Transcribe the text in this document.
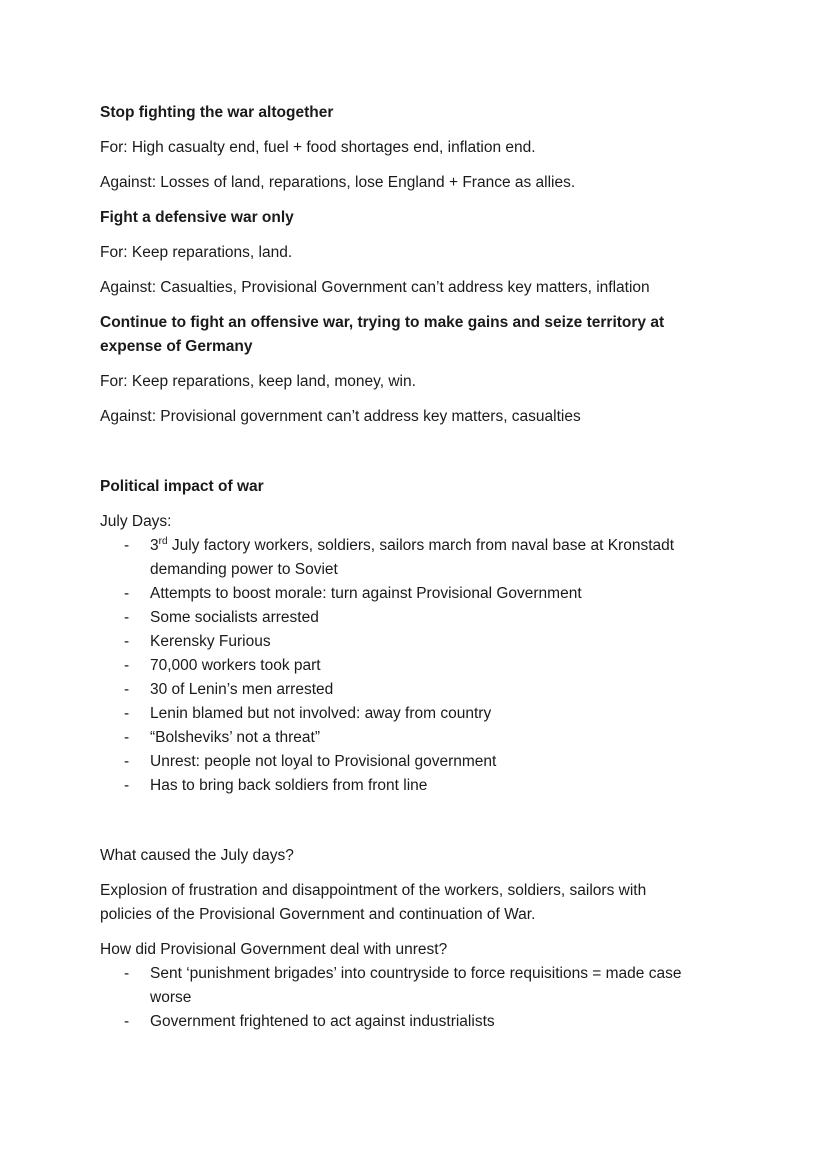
Stop fighting the war altogether

For: High casualty end, fuel + food shortages end, inflation end.

Against: Losses of land, reparations, lose England + France as allies.

Fight a defensive war only

For: Keep reparations, land.

Against: Casualties, Provisional Government can’t address key matters, inflation

Continue to fight an offensive war, trying to make gains and seize territory at
expense of Germany

For: Keep reparations, keep land, money, win.

Against: Provisional government can’t address key matters, casualties

Political impact of war

July Days:

- 3rd July factory workers, soldiers, sailors march from naval base at Kronstadt
demanding power to Soviet
- Attempts to boost morale: turn against Provisional Government
- Some socialists arrested
- Kerensky Furious
- 70,000 workers took part
- 30 of Lenin’s men arrested
- Lenin blamed but not involved: away from country
- “Bolsheviks’ not a threat”
- Unrest: people not loyal to Provisional government
- Has to bring back soldiers from front line

What caused the July days?

Explosion of frustration and disappointment of the workers, soldiers, sailors with
policies of the Provisional Government and continuation of War.

How did Provisional Government deal with unrest?

- Sent ‘punishment brigades’ into countryside to force requisitions = made case
worse
- Government frightened to act against industrialists
